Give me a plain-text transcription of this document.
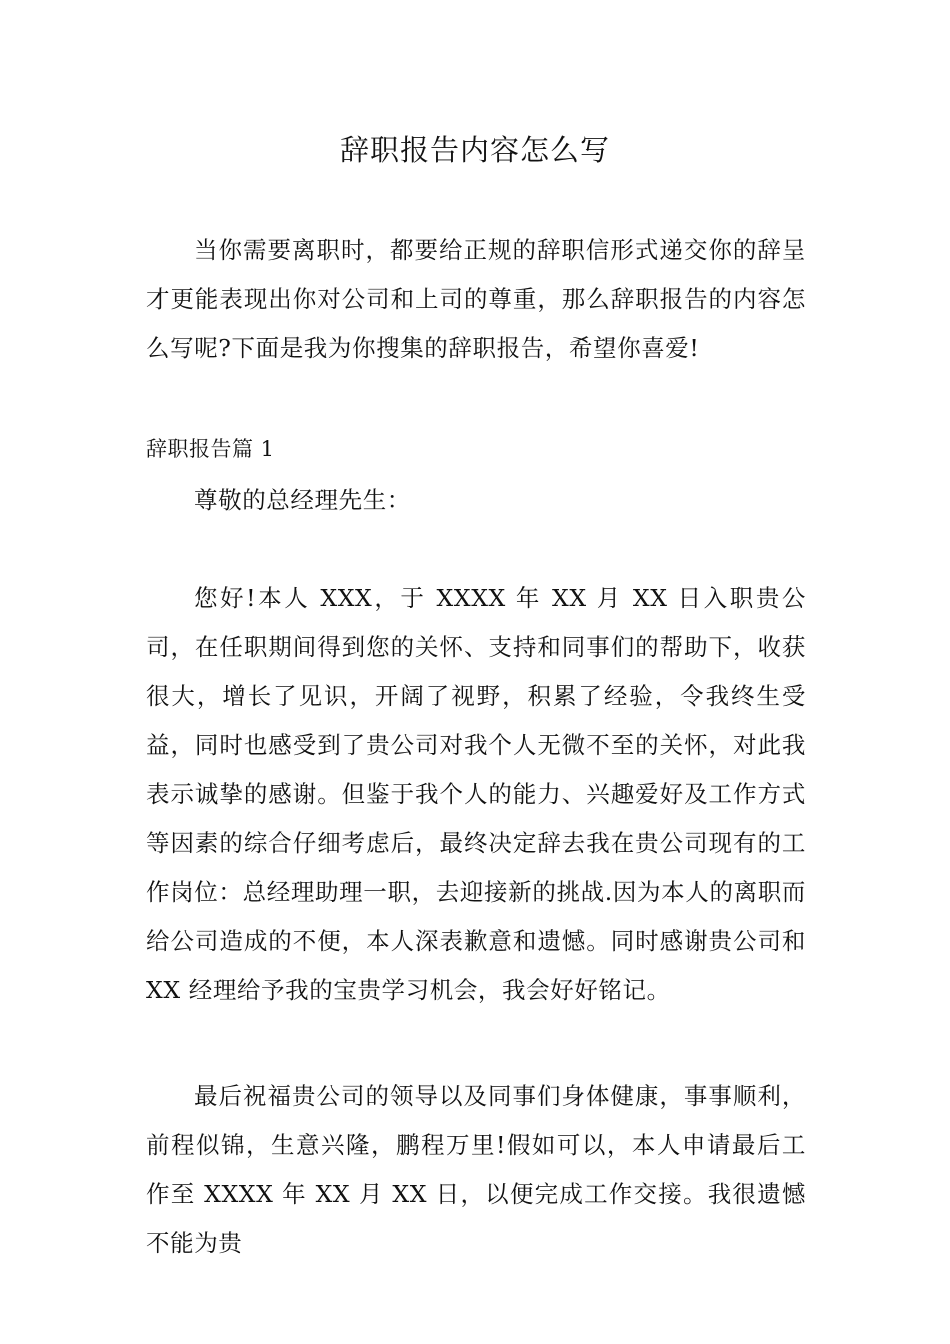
辞职报告内容怎么写

当你需要离职时，都要给正规的辞职信形式递交你的辞呈才更能表现出你对公司和上司的尊重，那么辞职报告的内容怎么写呢?下面是我为你搜集的辞职报告，希望你喜爱!

辞职报告篇 1

尊敬的总经理先生：

您好!本人 XXX，于 XXXX 年 XX 月 XX 日入职贵公司，在任职期间得到您的关怀、支持和同事们的帮助下，收获很大，增长了见识，开阔了视野，积累了经验，令我终生受益，同时也感受到了贵公司对我个人无微不至的关怀，对此我表示诚挚的感谢。但鉴于我个人的能力、兴趣爱好及工作方式等因素的综合仔细考虑后，最终决定辞去我在贵公司现有的工作岗位：总经理助理一职，去迎接新的挑战.因为本人的离职而给公司造成的不便，本人深表歉意和遗憾。同时感谢贵公司和 XX 经理给予我的宝贵学习机会，我会好好铭记。

最后祝福贵公司的领导以及同事们身体健康，事事顺利，前程似锦，生意兴隆，鹏程万里!假如可以，本人申请最后工作至 XXXX 年 XX 月 XX 日，以便完成工作交接。我很遗憾不能为贵
